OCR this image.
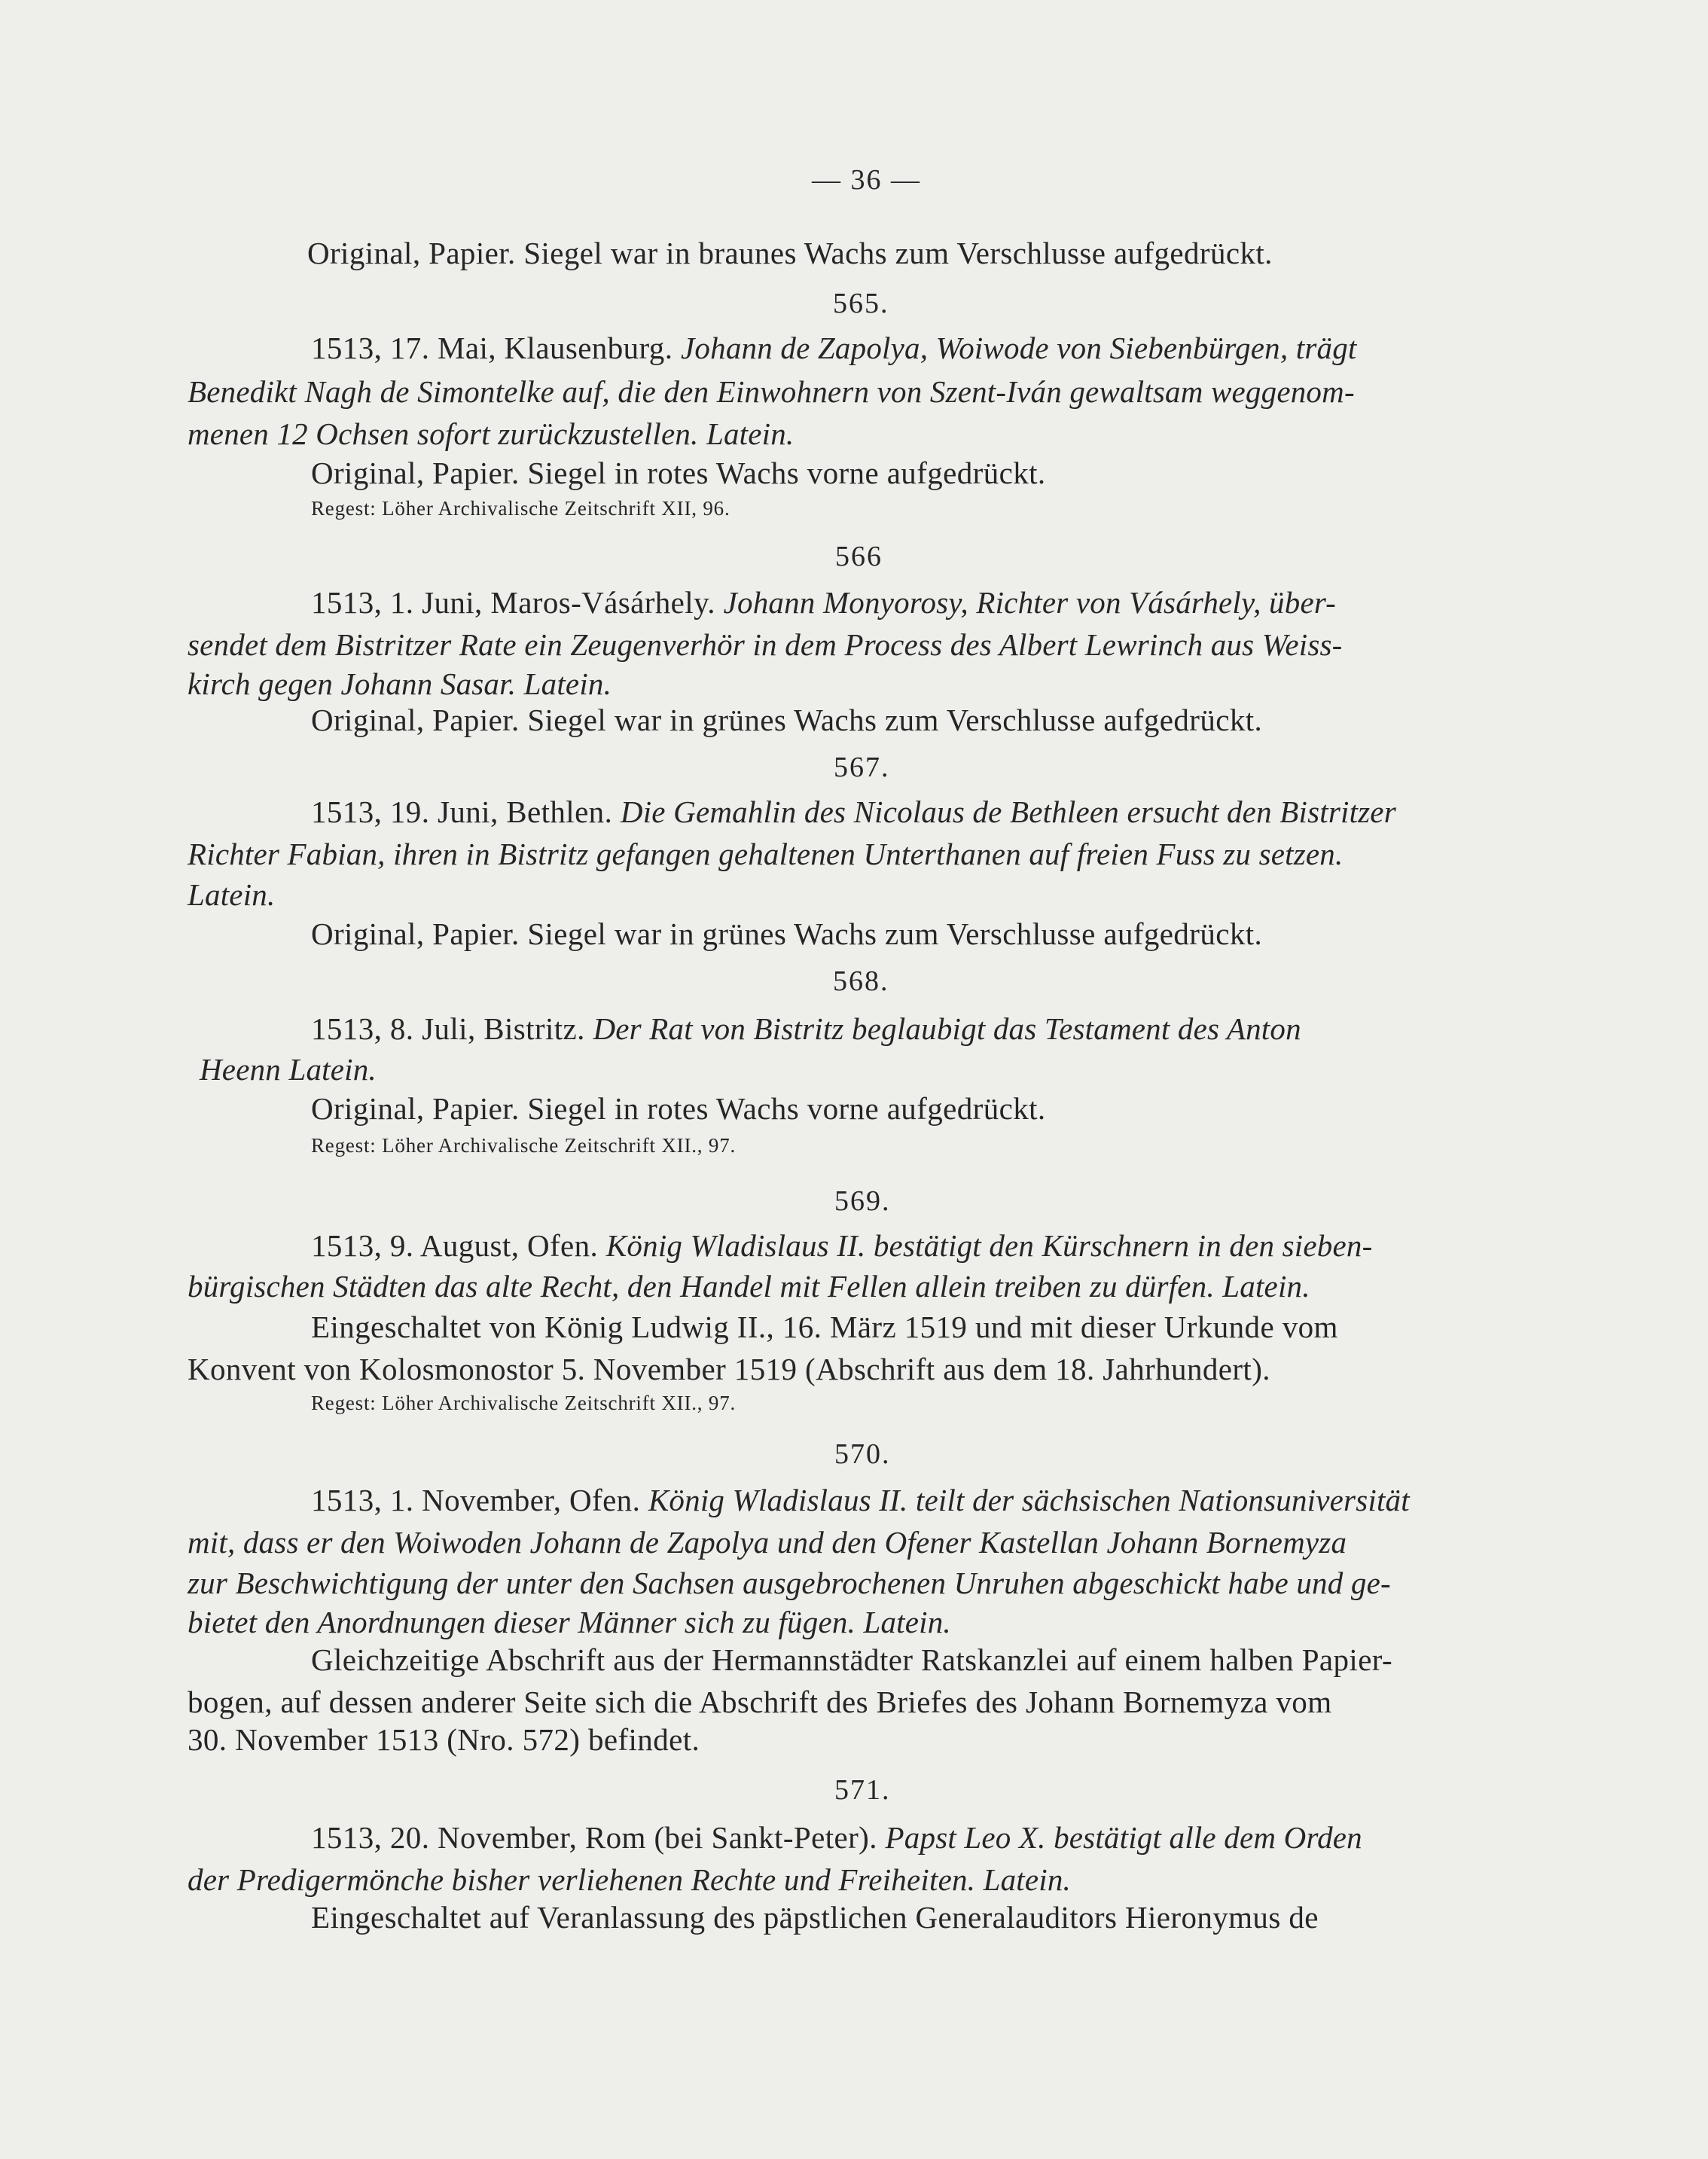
— 36 —
Original, Papier. Siegel war in braunes Wachs zum Verschlusse aufgedrückt.
565.
1513, 17. Mai, Klausenburg. Johann de Zapolya, Woiwode von Siebenbürgen, trägt
Benedikt Nagh de Simontelke auf, die den Einwohnern von Szent-Iván gewaltsam weggenom-
menen 12 Ochsen sofort zurückzustellen. Latein.
Original, Papier. Siegel in rotes Wachs vorne aufgedrückt.
Regest: Löher Archivalische Zeitschrift XII, 96.
566
1513, 1. Juni, Maros-Vásárhely. Johann Monyorosy, Richter von Vásárhely, über-
sendet dem Bistritzer Rate ein Zeugenverhör in dem Process des Albert Lewrinch aus Weiss-
kirch gegen Johann Sasar. Latein.
Original, Papier. Siegel war in grünes Wachs zum Verschlusse aufgedrückt.
567.
1513, 19. Juni, Bethlen. Die Gemahlin des Nicolaus de Bethleen ersucht den Bistritzer
Richter Fabian, ihren in Bistritz gefangen gehaltenen Unterthanen auf freien Fuss zu setzen.
Latein.
Original, Papier. Siegel war in grünes Wachs zum Verschlusse aufgedrückt.
568.
1513, 8. Juli, Bistritz. Der Rat von Bistritz beglaubigt das Testament des Anton
Heenn Latein.
Original, Papier. Siegel in rotes Wachs vorne aufgedrückt.
Regest: Löher Archivalische Zeitschrift XII., 97.
569.
1513, 9. August, Ofen. König Wladislaus II. bestätigt den Kürschnern in den sieben-
bürgischen Städten das alte Recht, den Handel mit Fellen allein treiben zu dürfen. Latein.
Eingeschaltet von König Ludwig II., 16. März 1519 und mit dieser Urkunde vom
Konvent von Kolosmonostor 5. November 1519 (Abschrift aus dem 18. Jahrhundert).
Regest: Löher Archivalische Zeitschrift XII., 97.
570.
1513, 1. November, Ofen. König Wladislaus II. teilt der sächsischen Nationsuniversität
mit, dass er den Woiwoden Johann de Zapolya und den Ofener Kastellan Johann Bornemyza
zur Beschwichtigung der unter den Sachsen ausgebrochenen Unruhen abgeschickt habe und ge-
bietet den Anordnungen dieser Männer sich zu fügen. Latein.
Gleichzeitige Abschrift aus der Hermannstädter Ratskanzlei auf einem halben Papier-
bogen, auf dessen anderer Seite sich die Abschrift des Briefes des Johann Bornemyza vom
30. November 1513 (Nro. 572) befindet.
571.
1513, 20. November, Rom (bei Sankt-Peter). Papst Leo X. bestätigt alle dem Orden
der Predigermönche bisher verliehenen Rechte und Freiheiten. Latein.
Eingeschaltet auf Veranlassung des päpstlichen Generalauditors Hieronymus de
